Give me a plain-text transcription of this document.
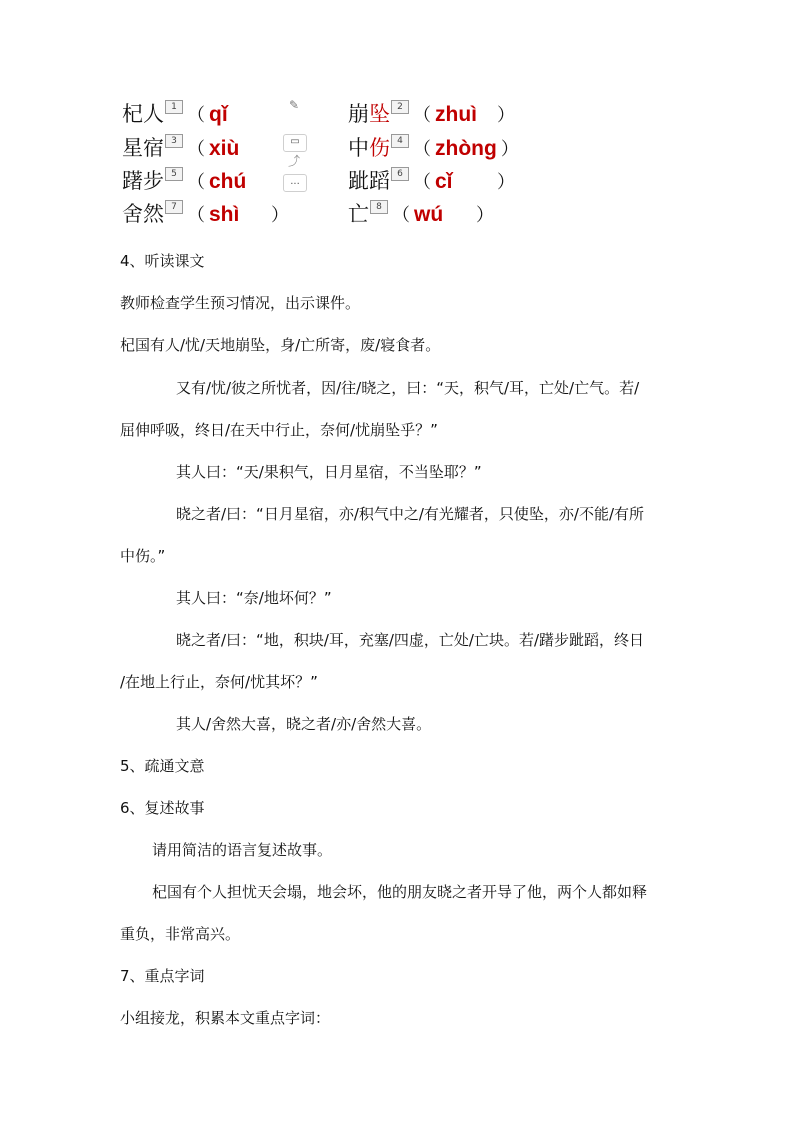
杞人 1 （ qǐ	崩坠 2 （ zhuì ）
星宿 3 （ xiù	中伤 4 （ zhòng ）
躇步 5 （ chú	跐蹈 6 （ cǐ ）
舍然 7 （ shì ）	亡 8 （ wú ）
✎
▭
⤴
...
4、听读课文
教师检查学生预习情况，出示课件。
杞国有人/忧/天地崩坠，身/亡所寄，废/寝食者。
又有/忧/彼之所忧者，因/往/晓之，曰：“天，积气/耳，亡处/亡气。若/
屈伸呼吸，终日/在天中行止，奈何/忧崩坠乎？”
其人曰：“天/果积气，日月星宿，不当坠耶？”
晓之者/曰：“日月星宿，亦/积气中之/有光耀者，只使坠，亦/不能/有所
中伤。”
其人曰：“奈/地坏何？”
晓之者/曰：“地，积块/耳，充塞/四虚，亡处/亡块。若/躇步跐蹈，终日
/在地上行止，奈何/忧其坏？”
其人/舍然大喜，晓之者/亦/舍然大喜。
5、疏通文意
6、复述故事
请用简洁的语言复述故事。
杞国有个人担忧天会塌，地会坏，他的朋友晓之者开导了他，两个人都如释
重负，非常高兴。
7、重点字词
小组接龙，积累本文重点字词：
